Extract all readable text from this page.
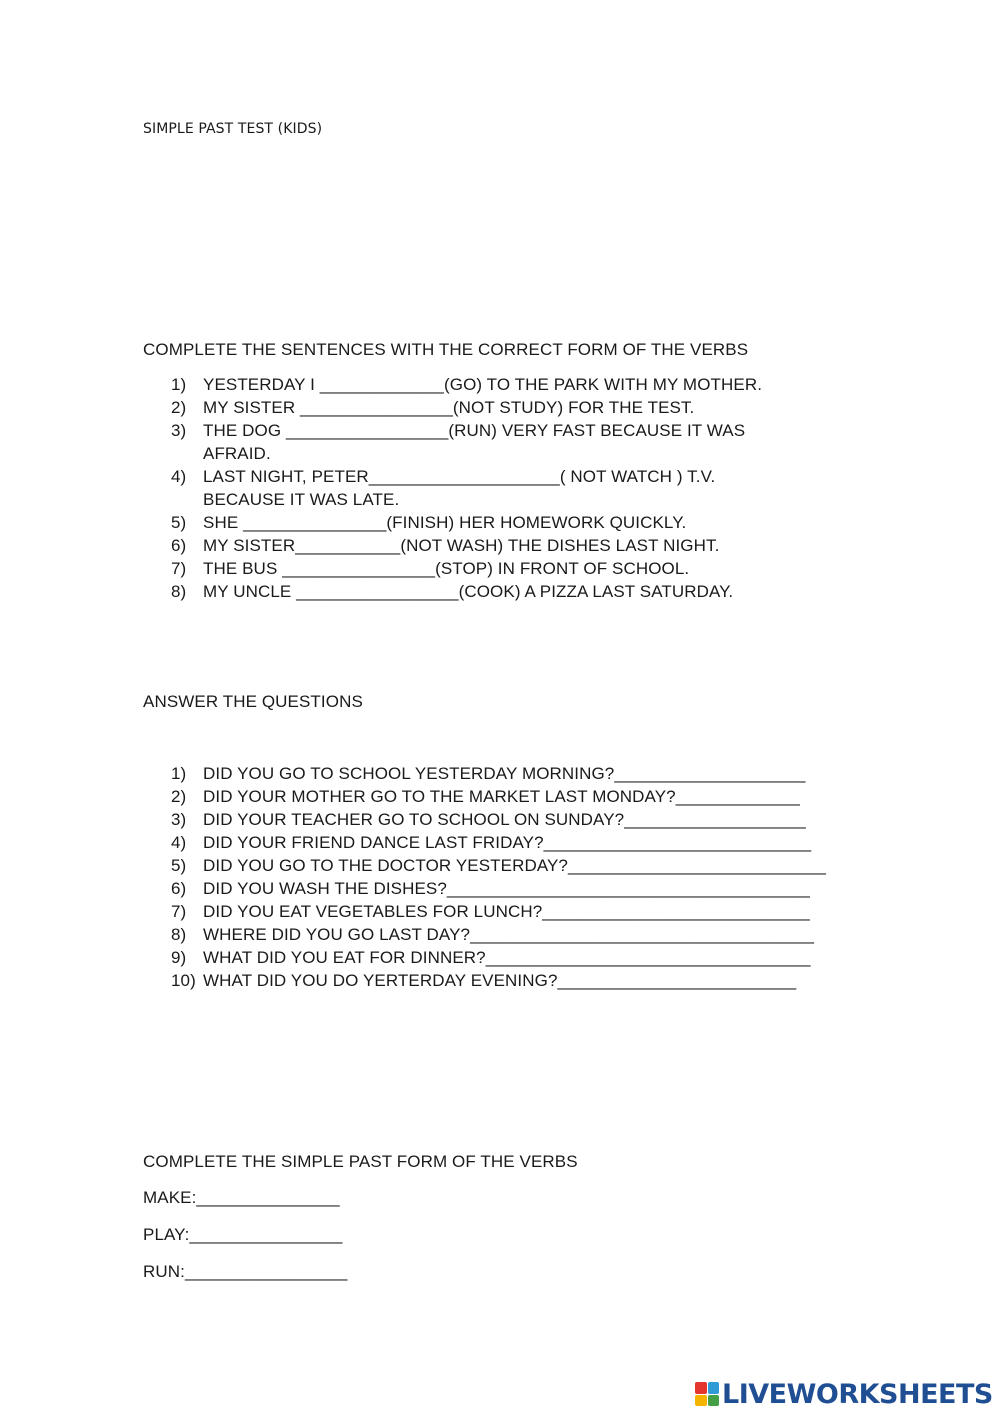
SIMPLE PAST TEST (KIDS)
COMPLETE THE SENTENCES WITH THE CORRECT FORM OF THE VERBS
1) YESTERDAY I _____________(GO) TO THE PARK WITH MY MOTHER.
2) MY SISTER ________________(NOT STUDY) FOR THE TEST.
3) THE DOG _________________(RUN) VERY FAST BECAUSE IT WAS AFRAID.
4) LAST NIGHT, PETER____________________( NOT WATCH ) T.V. BECAUSE IT WAS LATE.
5) SHE _______________(FINISH) HER HOMEWORK QUICKLY.
6) MY SISTER___________(NOT WASH) THE DISHES LAST NIGHT.
7) THE BUS ________________(STOP) IN FRONT OF SCHOOL.
8) MY UNCLE _________________(COOK) A PIZZA LAST SATURDAY.
ANSWER THE QUESTIONS
1) DID YOU GO TO SCHOOL YESTERDAY MORNING?____________________
2) DID YOUR MOTHER GO TO THE MARKET LAST MONDAY?_____________
3) DID YOUR TEACHER GO TO SCHOOL ON SUNDAY?___________________
4) DID YOUR FRIEND DANCE LAST FRIDAY?____________________________
5) DID YOU GO TO THE DOCTOR YESTERDAY?___________________________
6) DID YOU WASH THE DISHES?______________________________________
7) DID YOU EAT VEGETABLES FOR LUNCH?____________________________
8) WHERE DID YOU GO LAST DAY?____________________________________
9) WHAT DID YOU EAT FOR DINNER?__________________________________
10) WHAT DID YOU DO YERTERDAY EVENING?_________________________
COMPLETE THE SIMPLE PAST FORM OF THE VERBS
MAKE:_______________
PLAY:________________
RUN:_________________
LIVEWORKSHEETS
